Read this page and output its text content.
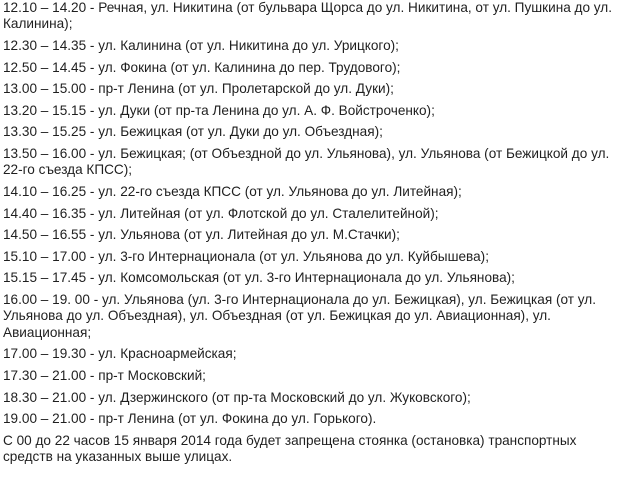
12.10 – 14.20 - Речная, ул. Никитина (от бульвара Щорса до ул. Никитина, от ул. Пушкина до ул. Калинина);

12.30 – 14.35 - ул. Калинина (от ул. Никитина до ул. Урицкого);

12.50 – 14.45 - ул. Фокина (от ул. Калинина до пер. Трудового);

13.00 – 15.00 - пр-т Ленина (от ул. Пролетарской до ул. Дуки);

13.20 – 15.15 - ул. Дуки (от пр-та Ленина до ул. А. Ф. Войстроченко);

13.30 – 15.25 - ул. Бежицкая (от ул. Дуки до ул. Объездная);

13.50 – 16.00 - ул. Бежицкая; (от Объездной до ул. Ульянова), ул. Ульянова (от Бежицкой до ул. 22-го съезда КПСС);

14.10 – 16.25 - ул. 22-го съезда КПСС (от ул. Ульянова до ул. Литейная);

14.40 – 16.35 - ул. Литейная (от ул. Флотской до ул. Сталелитейной);

14.50 – 16.55 - ул. Ульянова (от ул. Литейная до ул. М.Стачки);

15.10 – 17.00 - ул. 3-го Интернационала (от ул. Ульянова до ул. Куйбышева);

15.15 – 17.45 - ул. Комсомольская (от ул. 3-го Интернационала до ул. Ульянова);

16.00 – 19. 00 - ул. Ульянова (ул. 3-го Интернационала до ул. Бежицкая), ул. Бежицкая (от ул. Ульянова до ул. Объездная), ул. Объездная (от ул. Бежицкая до ул. Авиационная), ул. Авиационная;

17.00 – 19.30 - ул. Красноармейская;

17.30 – 21.00 - пр-т Московский;

18.30 – 21.00 - ул. Дзержинского (от пр-та Московский до ул. Жуковского);

19.00 – 21.00 - пр-т Ленина (от ул. Фокина до ул. Горького).

С 00 до 22 часов 15 января 2014 года будет запрещена стоянка (остановка) транспортных средств на указанных выше улицах.
